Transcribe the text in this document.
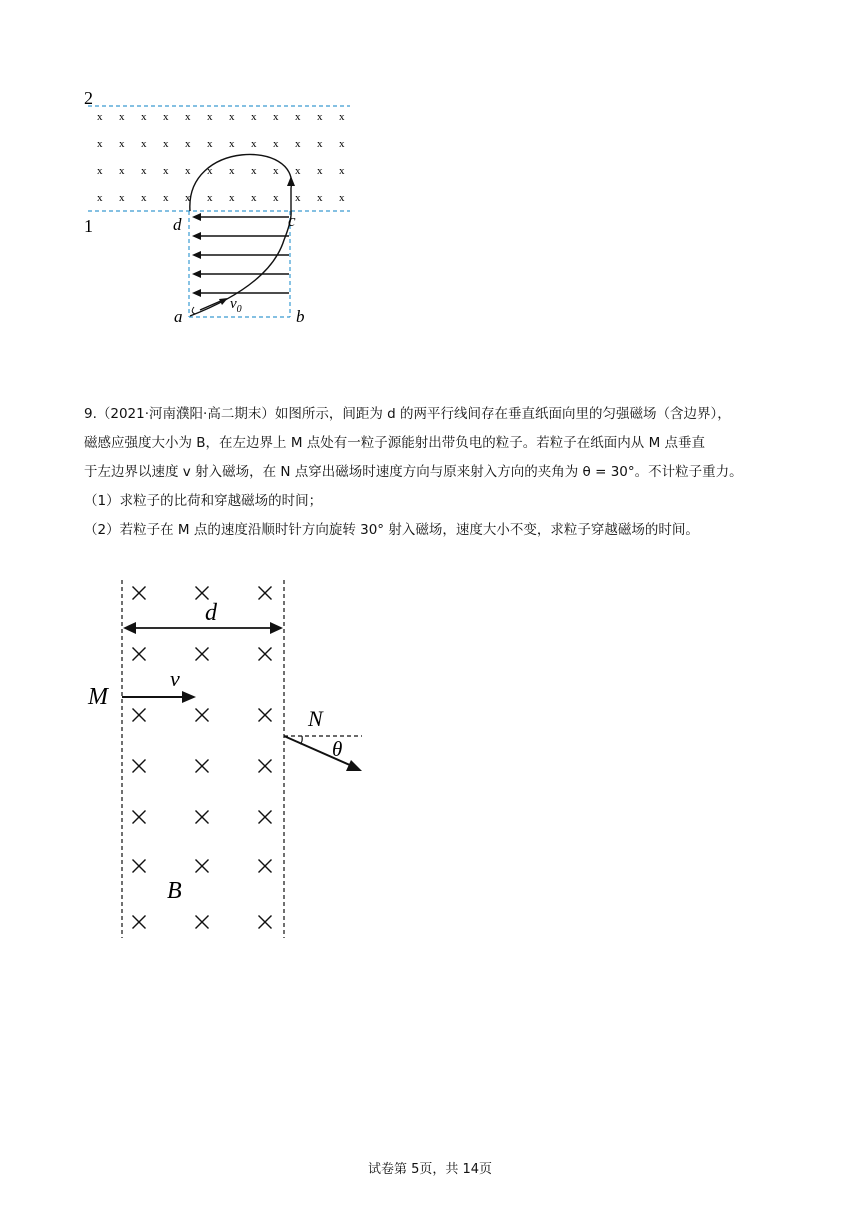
2
1
x x x x x x x x x x x x
x x x x x x x x x x x x
x x x x x x x x x x x x
x x x x x x x x x x x x
d	c
a	b
$v_0$

9.（2021·河南濮阳·高二期末）如图所示，间距为 d 的两平行线间存在垂直纸面向里的匀强磁场（含边界），

磁感应强度大小为 B，在左边界上 M 点处有一粒子源能射出带负电的粒子。若粒子在纸面内从 M 点垂直

于左边界以速度 v 射入磁场，在 N 点穿出磁场时速度方向与原来射入方向的夹角为 θ = 30°。不计粒子重力。

（1）求粒子的比荷和穿越磁场的时间；

（2）若粒子在 M 点的速度沿顺时针方向旋转 30° 射入磁场，速度大小不变，求粒子穿越磁场的时间。

d
M
v
N
θ
B
试卷第 5页，共 14页
